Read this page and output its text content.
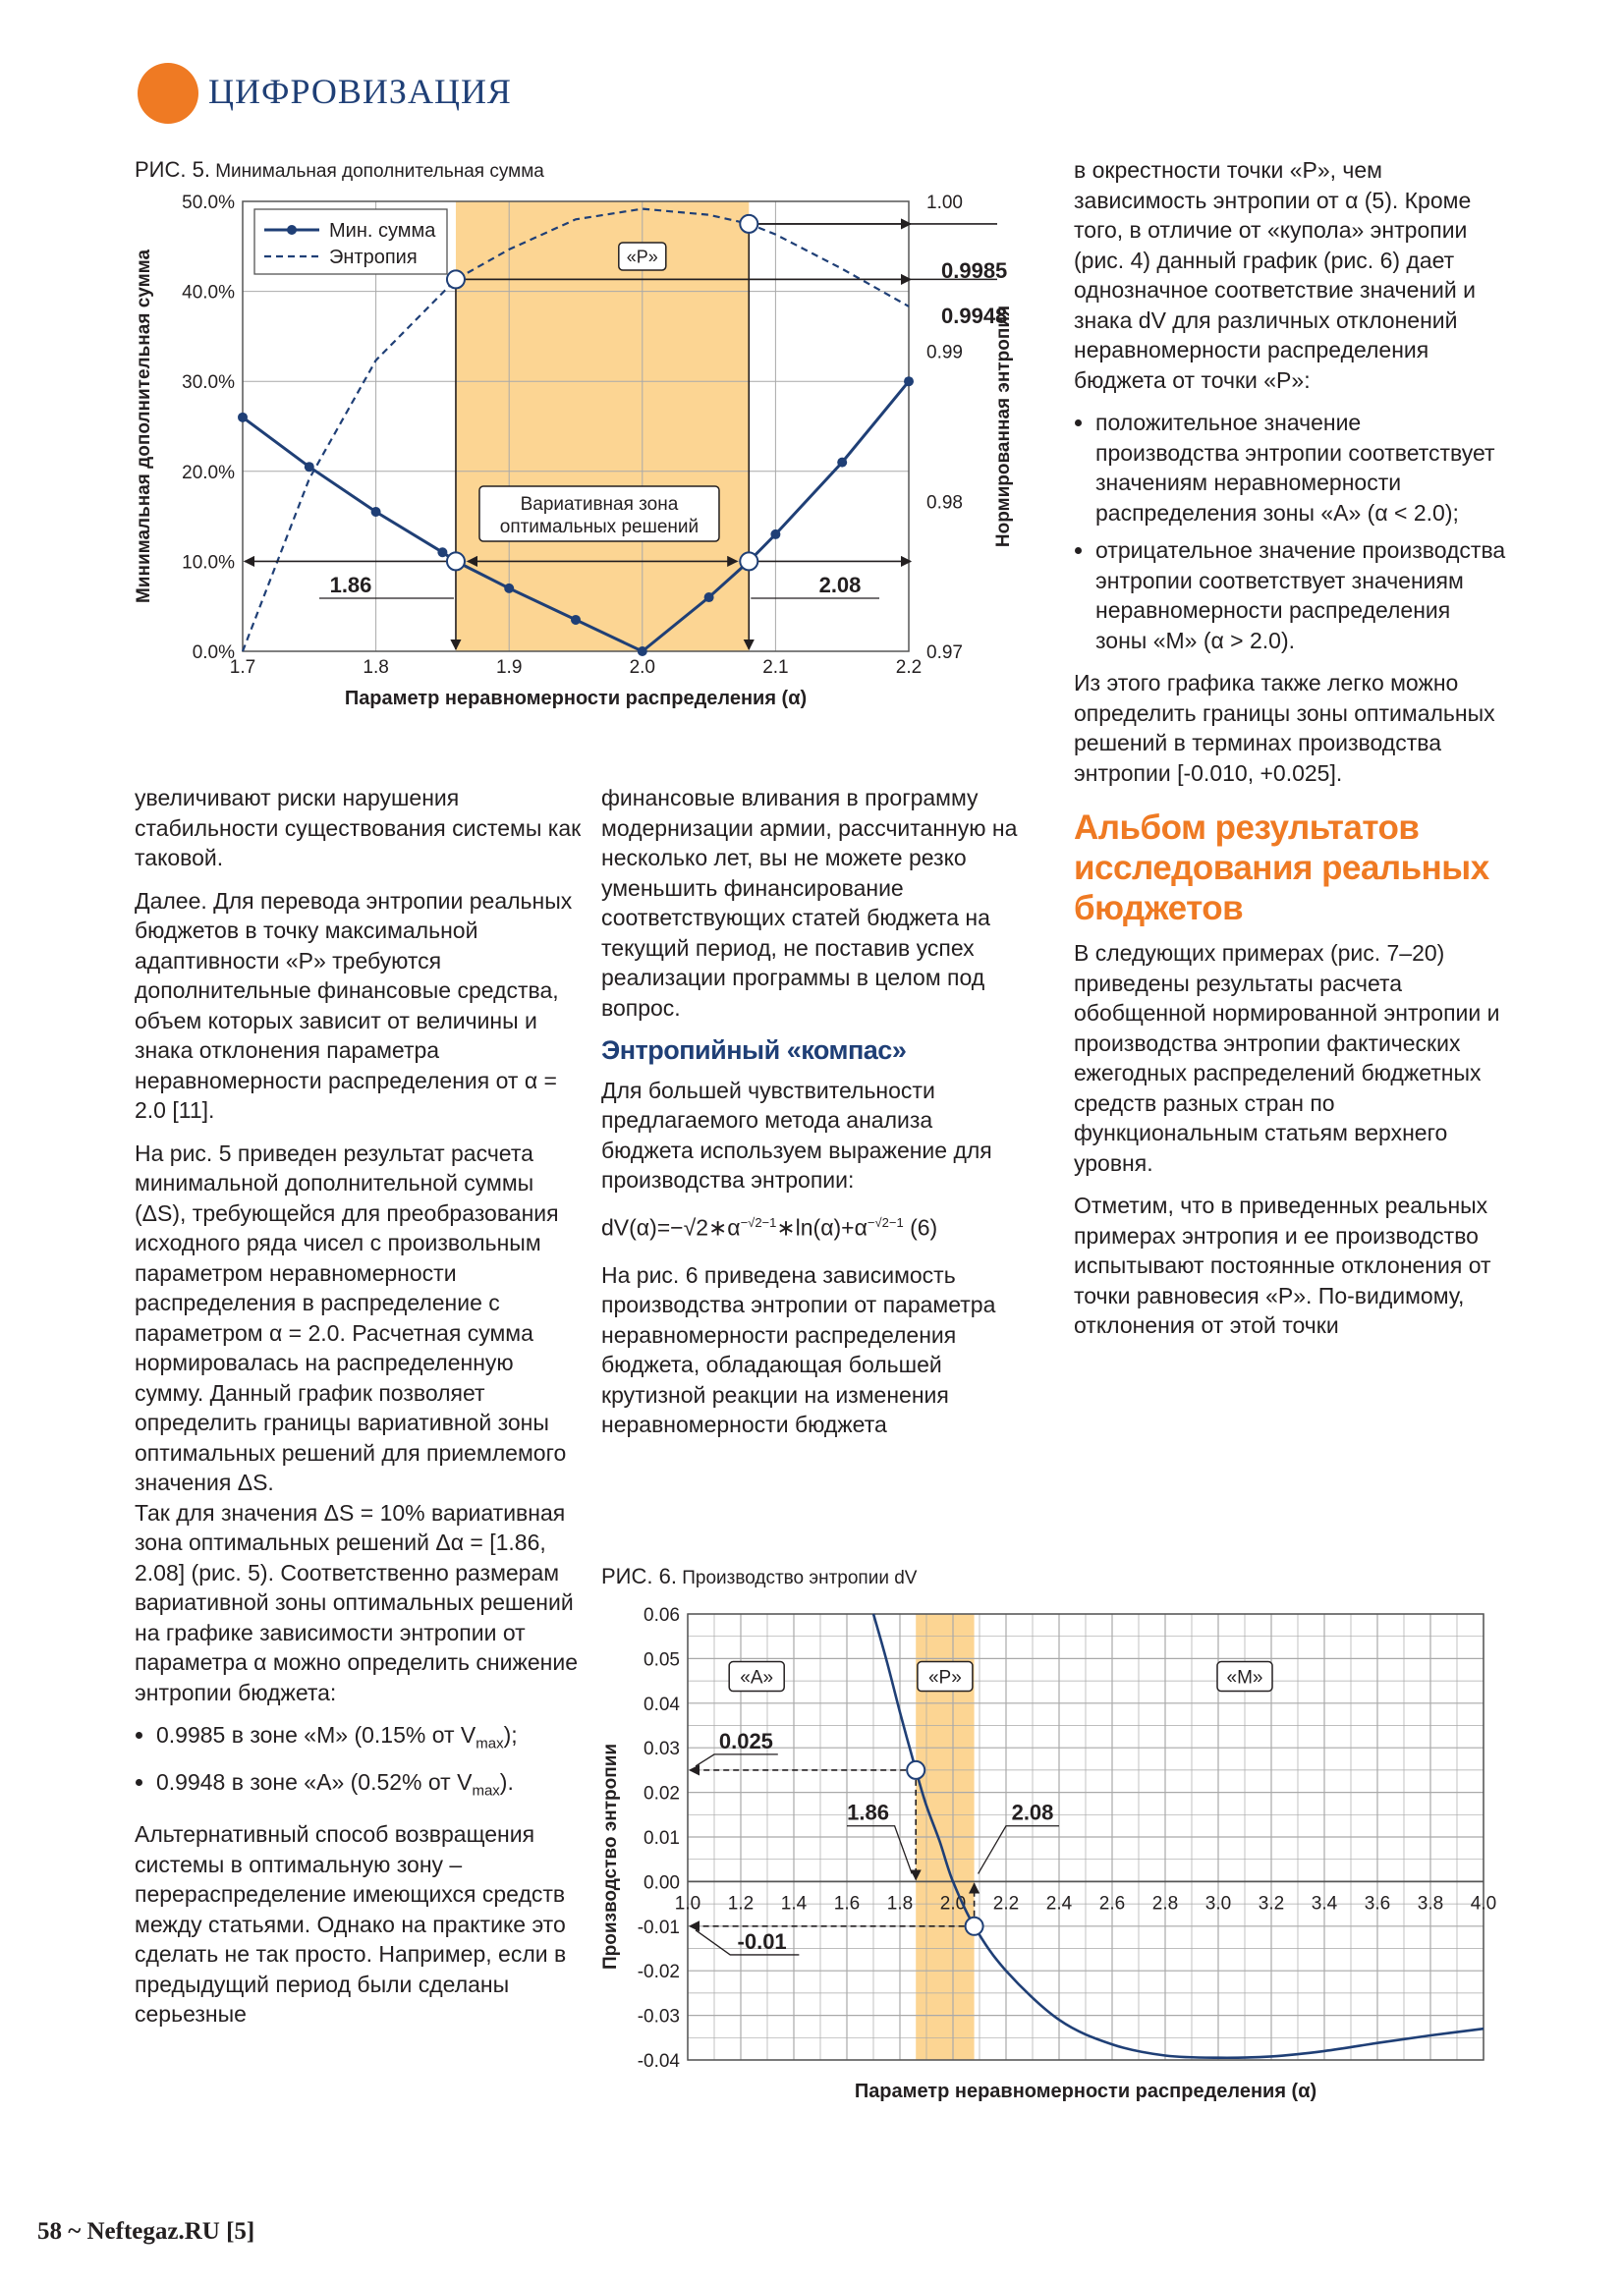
ЦИФРОВИЗАЦИЯ
РИС. 5. Минимальная дополнительная сумма
0.0%
10.0%
20.0%
30.0%
40.0%
50.0%
0.97
0.98
0.99
1.00
1.7	1.8	1.9	2.0	2.1	2.2
Параметр неравномерности распределения (α)
Минимальная дополнительная сумма	Нормированная энтропия
1.86	2.08
0.9985
0.9948
«P»
Вариативная зона
оптимальных решений
Мин. сумма
Энтропия
РИС. 6. Производство энтропии dV
0.06
0.05
0.04
0.03
0.02
0.01
0.00
-0.01
-0.02
-0.03
-0.04
1.0 1.2 1.4 1.6 1.8 2.0 2.2 2.4 2.6 2.8 3.0 3.2 3.4 3.6 3.8 4.0
Параметр неравномерности распределения (α)
Производство энтропии
0.025
1.86	2.08
-0.01
«A»	«P»	«M»

увеличивают риски нарушения стабильности существования системы как таковой.

Далее. Для перевода энтропии реальных бюджетов в точку максимальной адаптивности «P» требуются дополнительные финансовые средства, объем которых зависит от величины и знака отклонения параметра неравномерности распределения от α = 2.0 [11].

На рис. 5 приведен результат расчета минимальной дополнительной суммы (ΔS), требующейся для преобразования исходного ряда чисел с произвольным параметром неравномерности распределения в распределение с параметром α = 2.0. Расчетная сумма нормировалась на распределенную сумму. Данный график позволяет определить границы вариативной зоны оптимальных решений для приемлемого значения ΔS.

Так для значения ΔS = 10% вариативная зона оптимальных решений Δα = [1.86, 2.08] (рис. 5). Соответственно размерам вариативной зоны оптимальных решений на графике зависимости энтропии от параметра α можно определить снижение энтропии бюджета:

• 0.9985 в зоне «M» (0.15% от $V_{max}$);
• 0.9948 в зоне «A» (0.52% от $V_{max}$).

Альтернативный способ возвращения системы в оптимальную зону – перераспределение имеющихся средств между статьями. Однако на практике это сделать не так просто. Например, если в предыдущий период были сделаны серьезные

финансовые вливания в программу модернизации армии, рассчитанную на несколько лет, вы не можете резко уменьшить финансирование соответствующих статей бюджета на текущий период, не поставив успех реализации программы в целом под вопрос.

Энтропийный «компас»

Для большей чувствительности предлагаемого метода анализа бюджета используем выражение для производства энтропии:

$dV(\alpha)=-√2∗\alpha^{-√2-1}∗\ln(\alpha)+\alpha^{-√2-1}$ (6)

На рис. 6 приведена зависимость производства энтропии от параметра неравномерности распределения бюджета, обладающая большей крутизной реакции на изменения неравномерности бюджета

в окрестности точки «P», чем зависимость энтропии от α (5). Кроме того, в отличие от «купола» энтропии (рис. 4) данный график (рис. 6) дает однозначное соответствие значений и знака dV для различных отклонений неравномерности распределения бюджета от точки «P»:

• положительное значение производства энтропии соответствует значениям неравномерности распределения зоны «A» (α < 2.0);
• отрицательное значение производства энтропии соответствует значениям неравномерности распределения зоны «M» (α > 2.0).

Из этого графика также легко можно определить границы зоны оптимальных решений в терминах производства энтропии [-0.010, +0.025].

Альбом результатов исследования реальных бюджетов

В следующих примерах (рис. 7–20) приведены результаты расчета обобщенной нормированной энтропии и производства энтропии фактических ежегодных распределений бюджетных средств разных стран по функциональным статьям верхнего уровня.

Отметим, что в приведенных реальных примерах энтропия и ее производство испытывают постоянные отклонения от точки равновесия «P». По-видимому, отклонения от этой точки

58 ~ Neftegaz.RU [5]
